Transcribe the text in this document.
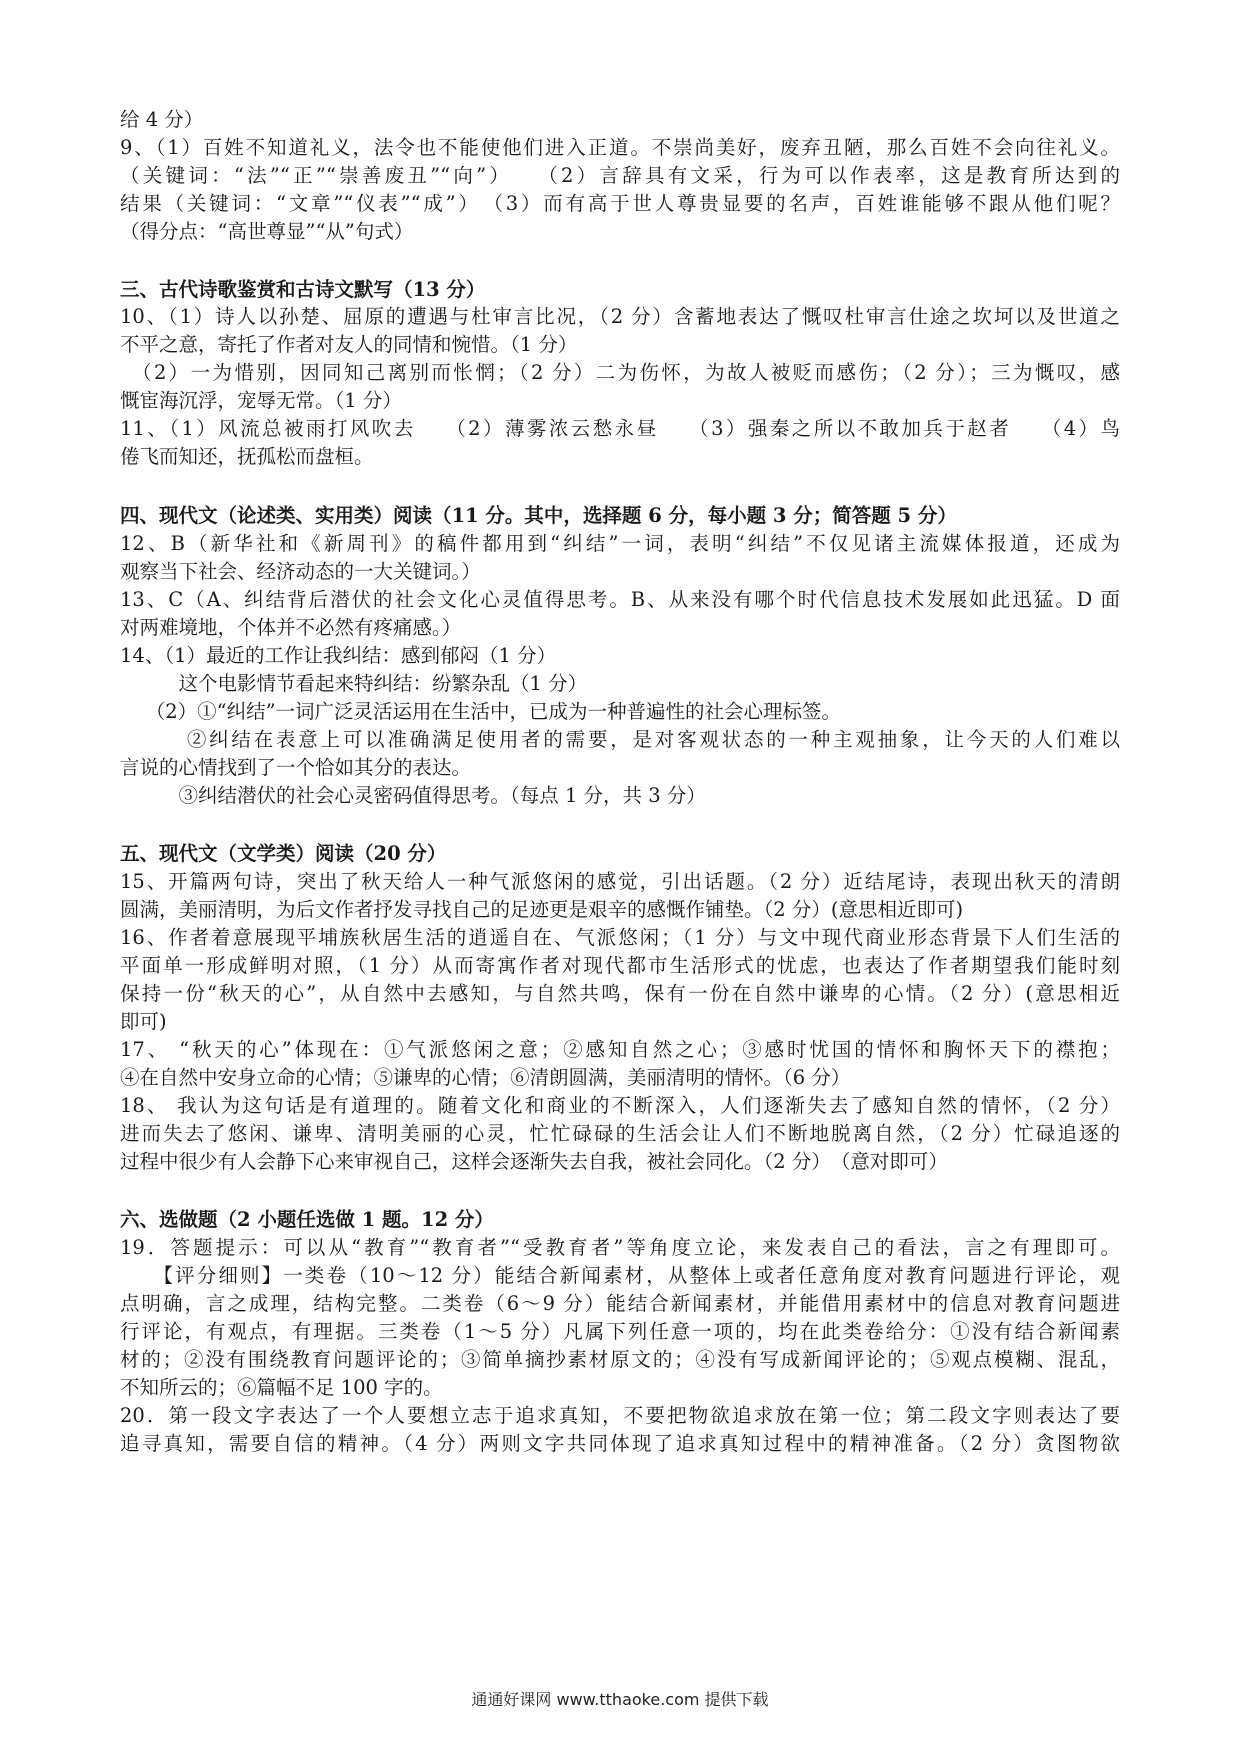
给 4 分）
9、（1）百姓不知道礼义，法令也不能使他们进入正道。不崇尚美好，废弃丑陋，那么百姓不会向往礼义。
（关键词：“法”“正”“崇善废丑”“向”）　　（2）言辞具有文采，行为可以作表率，这是教育所达到的
结果（关键词：“文章”“仪表”“成”）　（3）而有高于世人尊贵显要的名声，百姓谁能够不跟从他们呢？
（得分点：“高世尊显”“从”句式）
三、古代诗歌鉴赏和古诗文默写（13 分）
10、（1）诗人以孙楚、屈原的遭遇与杜审言比况，（2 分）含蓄地表达了慨叹杜审言仕途之坎坷以及世道之
不平之意，寄托了作者对友人的同情和惋惜。（1 分）
　（2）一为惜别，因同知己离别而怅惘；（2 分）二为伤怀，为故人被贬而感伤；（2 分）；三为慨叹，感
慨宦海沉浮，宠辱无常。（1 分）
11、（1）风流总被雨打风吹去　 （2）薄雾浓云愁永昼　 （3）强秦之所以不敢加兵于赵者　 （4）鸟
倦飞而知还，抚孤松而盘桓。
四、现代文（论述类、实用类）阅读（11 分。其中，选择题 6 分，每小题 3 分；简答题 5 分）
12、B（新华社和《新周刊》的稿件都用到“纠结”一词，表明“纠结”不仅见诸主流媒体报道，还成为
观察当下社会、经济动态的一大关键词。）
13、C（A、纠结背后潜伏的社会文化心灵值得思考。B、从来没有哪个时代信息技术发展如此迅猛。D 面
对两难境地，个体并不必然有疼痛感。）
14、（1）最近的工作让我纠结：感到郁闷（1 分）
　　　这个电影情节看起来特纠结：纷繁杂乱（1 分）
　 （2）①“纠结”一词广泛灵活运用在生活中，已成为一种普遍性的社会心理标签。
　　　②纠结在表意上可以准确满足使用者的需要，是对客观状态的一种主观抽象，让今天的人们难以
言说的心情找到了一个恰如其分的表达。
　　　③纠结潜伏的社会心灵密码值得思考。（每点 1 分，共 3 分）
五、现代文（文学类）阅读（20 分）
15、开篇两句诗，突出了秋天给人一种气派悠闲的感觉，引出话题。（2 分）近结尾诗，表现出秋天的清朗
圆满，美丽清明，为后文作者抒发寻找自己的足迹更是艰辛的感慨作铺垫。（2 分）(意思相近即可)
16、作者着意展现平埔族秋居生活的逍遥自在、气派悠闲；（1 分）与文中现代商业形态背景下人们生活的
平面单一形成鲜明对照，（1 分）从而寄寓作者对现代都市生活形式的忧虑，也表达了作者期望我们能时刻
保持一份“秋天的心”，从自然中去感知，与自然共鸣，保有一份在自然中谦卑的心情。（2 分）(意思相近
即可)
17、 “秋天的心”体现在：①气派悠闲之意；②感知自然之心；③感时忧国的情怀和胸怀天下的襟抱；
④在自然中安身立命的心情；⑤谦卑的心情；⑥清朗圆满，美丽清明的情怀。（6 分）
18、 我认为这句话是有道理的。随着文化和商业的不断深入，人们逐渐失去了感知自然的情怀，（2 分）
进而失去了悠闲、谦卑、清明美丽的心灵，忙忙碌碌的生活会让人们不断地脱离自然，（2 分）忙碌追逐的
过程中很少有人会静下心来审视自己，这样会逐渐失去自我，被社会同化。（2 分）　（意对即可）
六、选做题（2 小题任选做 1 题。12 分）
19．答题提示：可以从“教育”“教育者”“受教育者”等角度立论，来发表自己的看法，言之有理即可。
　　【评分细则】一类卷（10～12 分）能结合新闻素材，从整体上或者任意角度对教育问题进行评论，观
点明确，言之成理，结构完整。二类卷（6～9 分）能结合新闻素材，并能借用素材中的信息对教育问题进
行评论，有观点，有理据。三类卷（1～5 分）凡属下列任意一项的，均在此类卷给分：①没有结合新闻素
材的；②没有围绕教育问题评论的；③简单摘抄素材原文的；④没有写成新闻评论的；⑤观点模糊、混乱，
不知所云的；⑥篇幅不足 100 字的。
20．第一段文字表达了一个人要想立志于追求真知，不要把物欲追求放在第一位；第二段文字则表达了要
追寻真知，需要自信的精神。（4 分）两则文字共同体现了追求真知过程中的精神准备。（2 分）贪图物欲
通通好课网 www.tthaoke.com 提供下载
